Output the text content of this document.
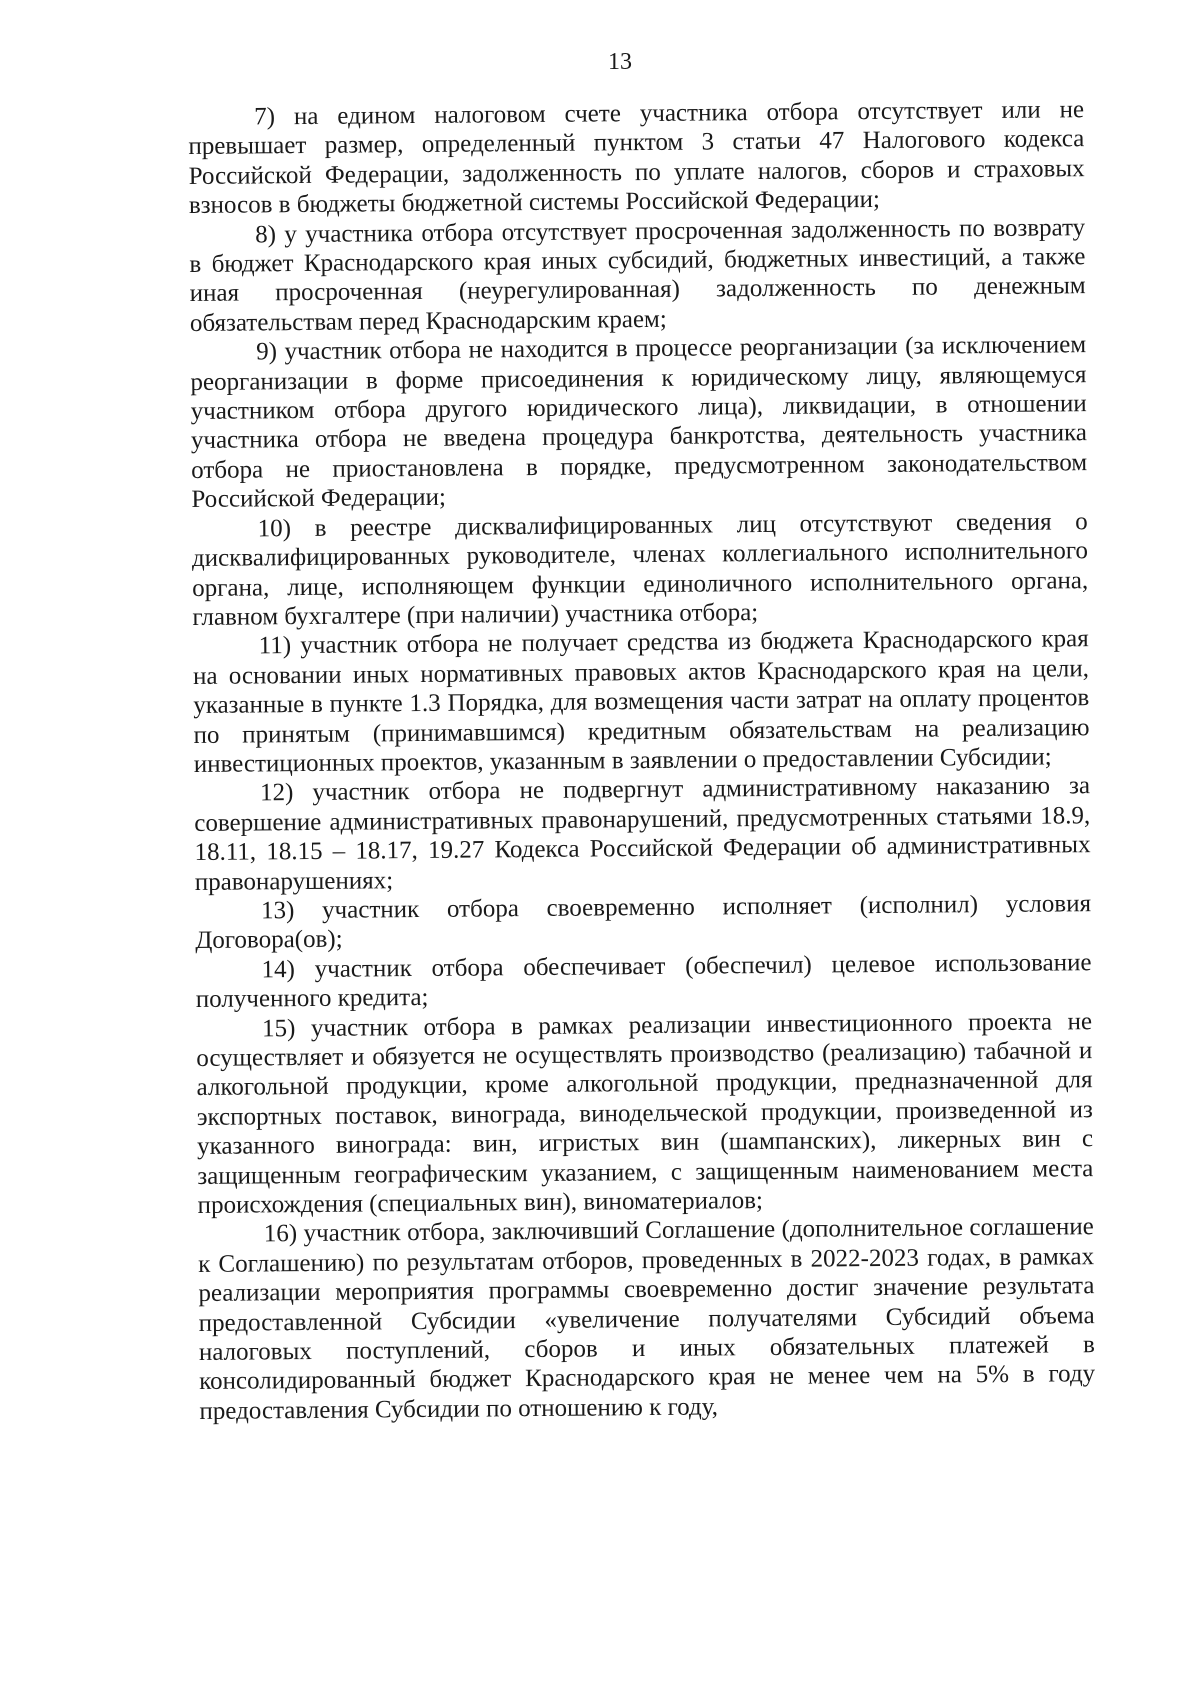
13

7) на едином налоговом счете участника отбора отсутствует или не превышает размер, определенный пунктом 3 статьи 47 Налогового кодекса Российской Федерации, задолженность по уплате налогов, сборов и страховых взносов в бюджеты бюджетной системы Российской Федерации;

8) у участника отбора отсутствует просроченная задолженность по возврату в бюджет Краснодарского края иных субсидий, бюджетных инвестиций, а также иная просроченная (неурегулированная) задолженность по денежным обязательствам перед Краснодарским краем;

9) участник отбора не находится в процессе реорганизации (за исключением реорганизации в форме присоединения к юридическому лицу, являющемуся участником отбора другого юридического лица), ликвидации, в отношении участника отбора не введена процедура банкротства, деятельность участника отбора не приостановлена в порядке, предусмотренном законодательством Российской Федерации;

10) в реестре дисквалифицированных лиц отсутствуют сведения о дисквалифицированных руководителе, членах коллегиального исполнительного органа, лице, исполняющем функции единоличного исполнительного органа, главном бухгалтере (при наличии) участника отбора;

11) участник отбора не получает средства из бюджета Краснодарского края на основании иных нормативных правовых актов Краснодарского края на цели, указанные в пункте 1.3 Порядка, для возмещения части затрат на оплату процентов по принятым (принимавшимся) кредитным обязательствам на реализацию инвестиционных проектов, указанным в заявлении о предоставлении Субсидии;

12) участник отбора не подвергнут административному наказанию за совершение административных правонарушений, предусмотренных статьями 18.9, 18.11, 18.15 – 18.17, 19.27 Кодекса Российской Федерации об административных правонарушениях;

13) участник отбора своевременно исполняет (исполнил) условия Договора(ов);

14) участник отбора обеспечивает (обеспечил) целевое использование полученного кредита;

15) участник отбора в рамках реализации инвестиционного проекта не осуществляет и обязуется не осуществлять производство (реализацию) табачной и алкогольной продукции, кроме алкогольной продукции, предназначенной для экспортных поставок, винограда, винодельческой продукции, произведенной из указанного винограда: вин, игристых вин (шампанских), ликерных вин с защищенным географическим указанием, с защищенным наименованием места происхождения (специальных вин), виноматериалов;

16) участник отбора, заключивший Соглашение (дополнительное соглашение к Соглашению) по результатам отборов, проведенных в 2022-2023 годах, в рамках реализации мероприятия программы своевременно достиг значение результата предоставленной Субсидии «увеличение получателями Субсидий объема налоговых поступлений, сборов и иных обязательных платежей в консолидированный бюджет Краснодарского края не менее чем на 5% в году предоставления Субсидии по отношению к году,
